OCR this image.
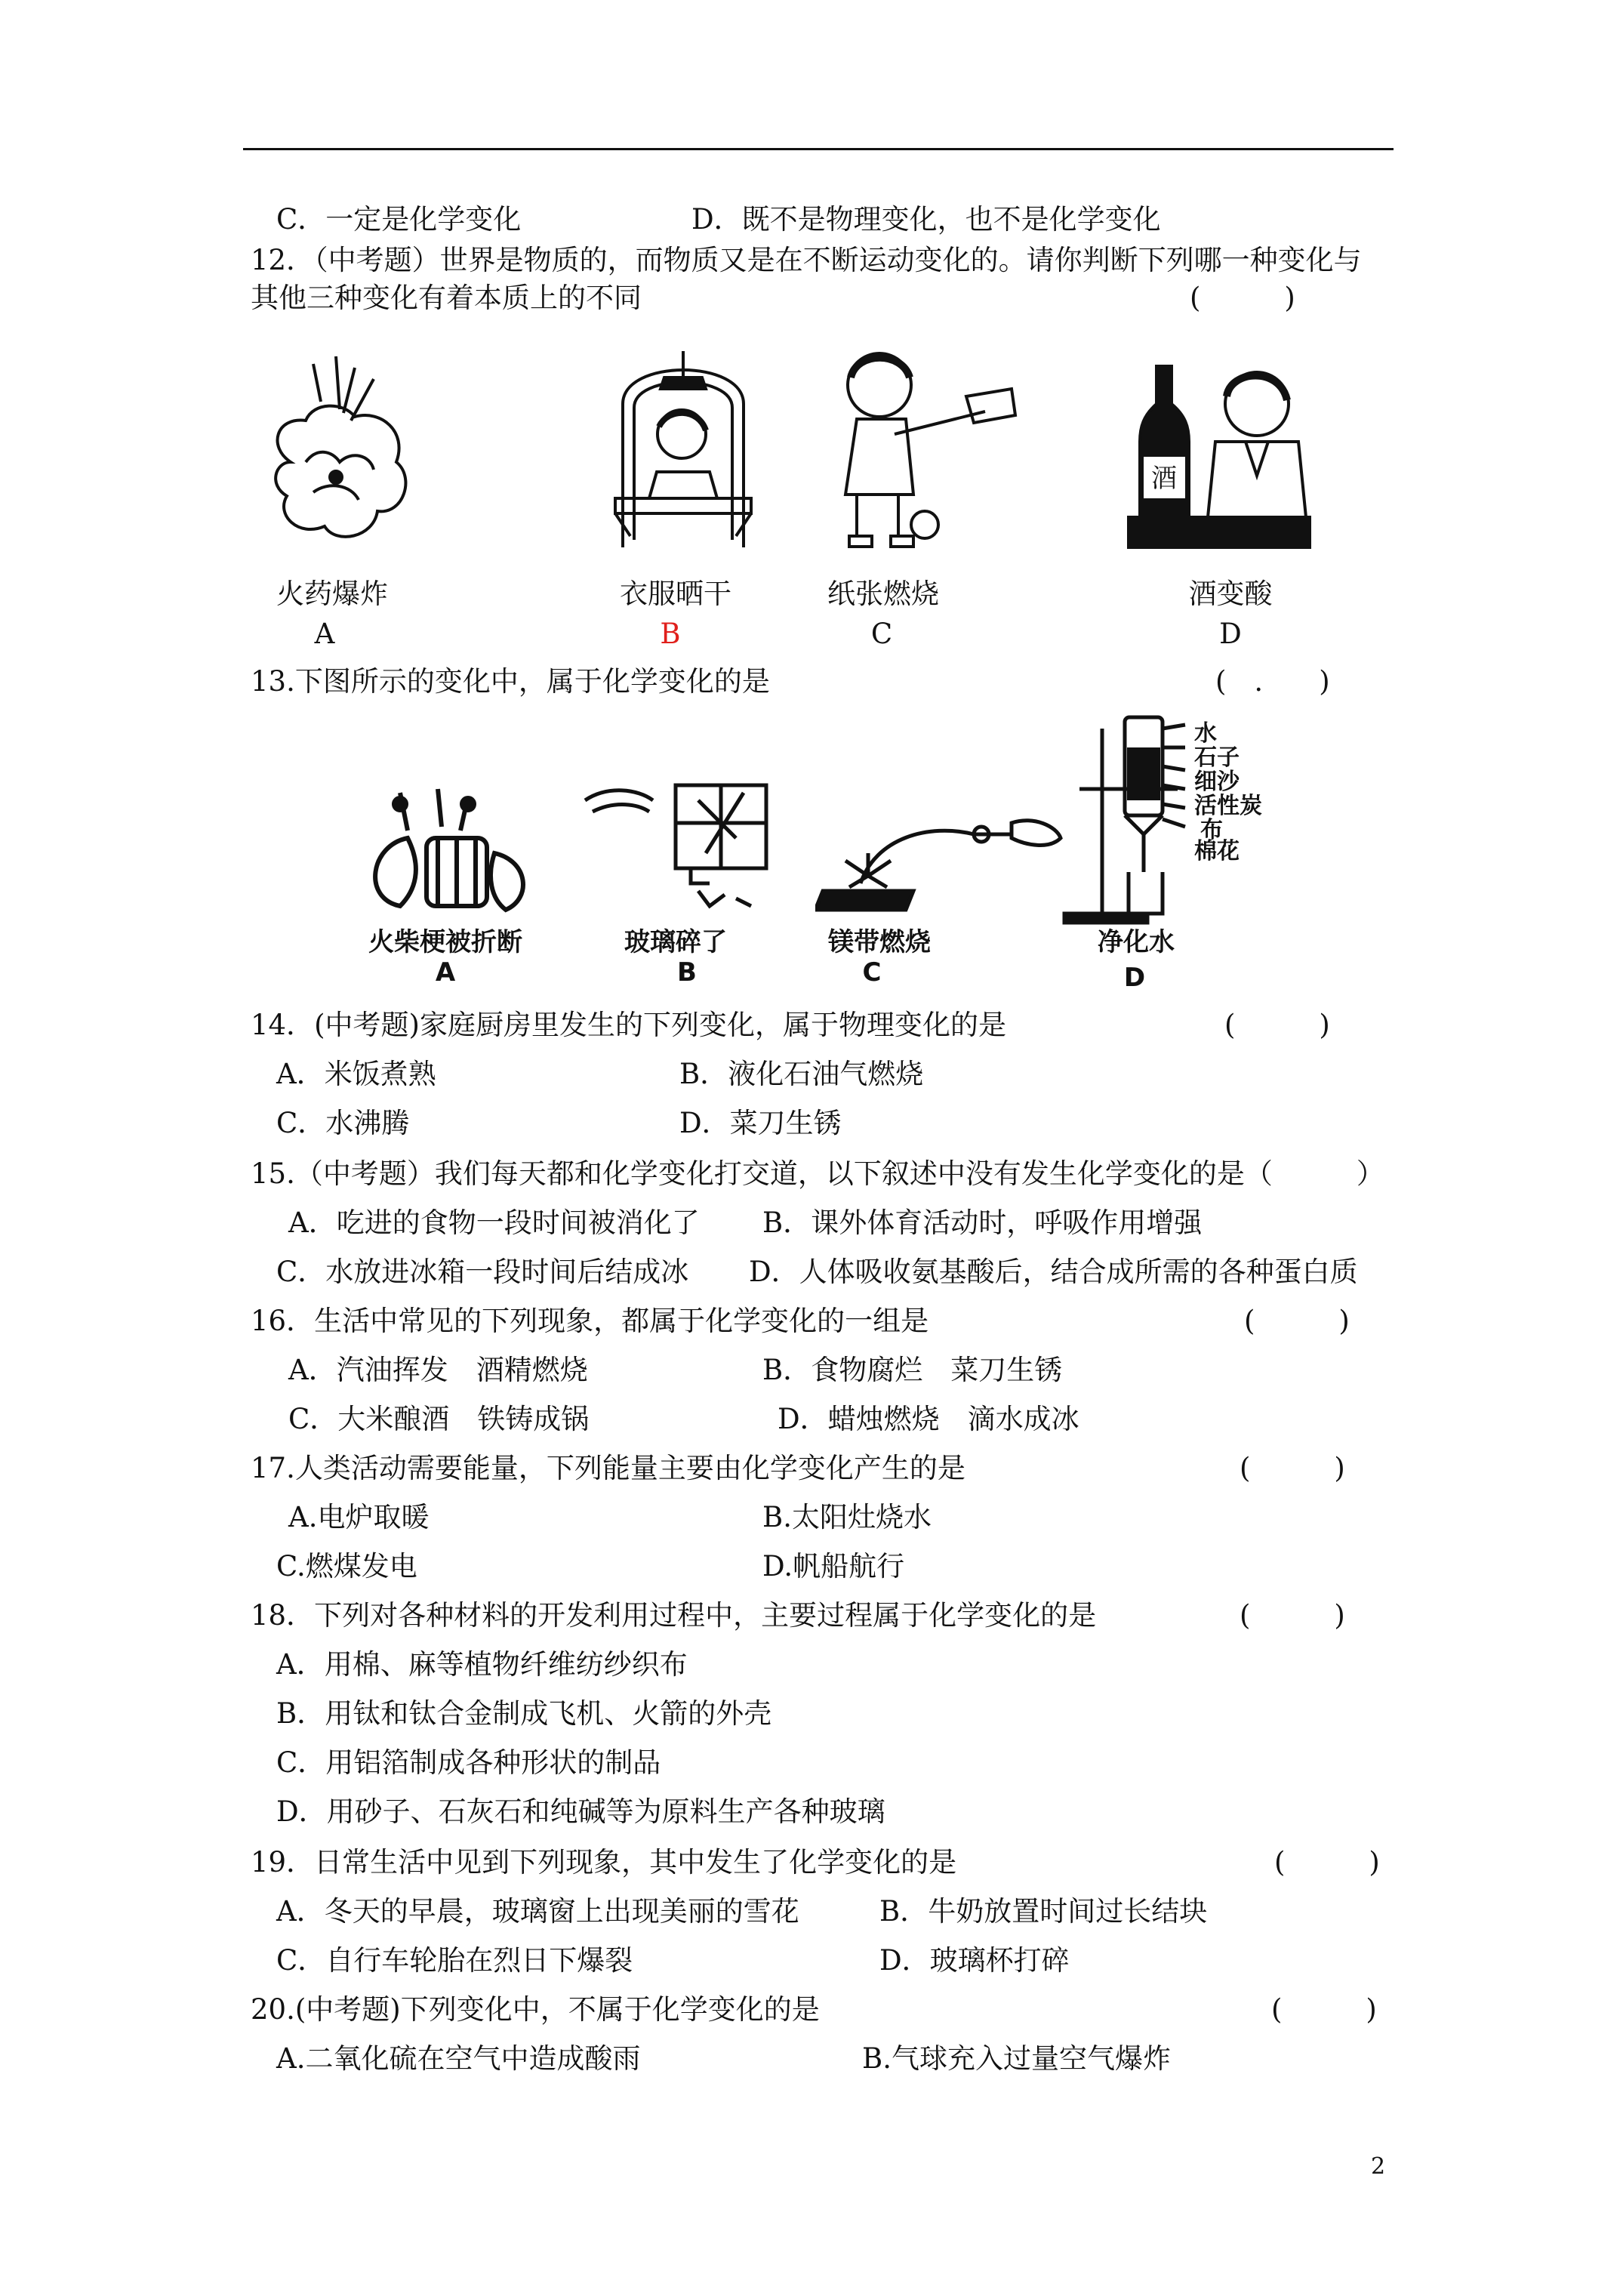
C．一定是化学变化	D．既不是物理变化，也不是化学变化
12．（中考题）世界是物质的，而物质又是在不断运动变化的。请你判断下列哪一种变化与
其他三种变化有着本质上的不同	(　　　)
酒
火药爆炸	衣服晒干	纸张燃烧	酒变酸
A	B	C	D
13.下图所示的变化中，属于化学变化的是	(　.　　)
水
石子
细沙
活性炭
布
棉花
火柴梗被折断	玻璃碎了	镁带燃烧	净化水
A	B	C	D
14．(中考题)家庭厨房里发生的下列变化，属于物理变化的是	(　　　)
A．米饭煮熟	B．液化石油气燃烧
C．水沸腾	D．菜刀生锈
15.（中考题）我们每天都和化学变化打交道，以下叙述中没有发生化学变化的是（　　　）
A．吃进的食物一段时间被消化了 B．课外体育活动时，呼吸作用增强
C．水放进冰箱一段时间后结成冰 D．人体吸收氨基酸后，结合成所需的各种蛋白质
16．生活中常见的下列现象，都属于化学变化的一组是	(　　　)
A．汽油挥发　酒精燃烧	B．食物腐烂　菜刀生锈
C．大米酿酒　铁铸成锅	D．蜡烛燃烧　滴水成冰
17.人类活动需要能量，下列能量主要由化学变化产生的是	(　　　)
A.电炉取暖	B.太阳灶烧水
C.燃煤发电	D.帆船航行
18．下列对各种材料的开发利用过程中，主要过程属于化学变化的是	(　　　)
A．用棉、麻等植物纤维纺纱织布
B．用钛和钛合金制成飞机、火箭的外壳
C．用铝箔制成各种形状的制品
D．用砂子、石灰石和纯碱等为原料生产各种玻璃
19．日常生活中见到下列现象，其中发生了化学变化的是	(　　　)
A．冬天的早晨，玻璃窗上出现美丽的雪花	B．牛奶放置时间过长结块
C．自行车轮胎在烈日下爆裂	D．玻璃杯打碎
20.(中考题)下列变化中，不属于化学变化的是	(　　　)
A.二氧化硫在空气中造成酸雨	B.气球充入过量空气爆炸
2
